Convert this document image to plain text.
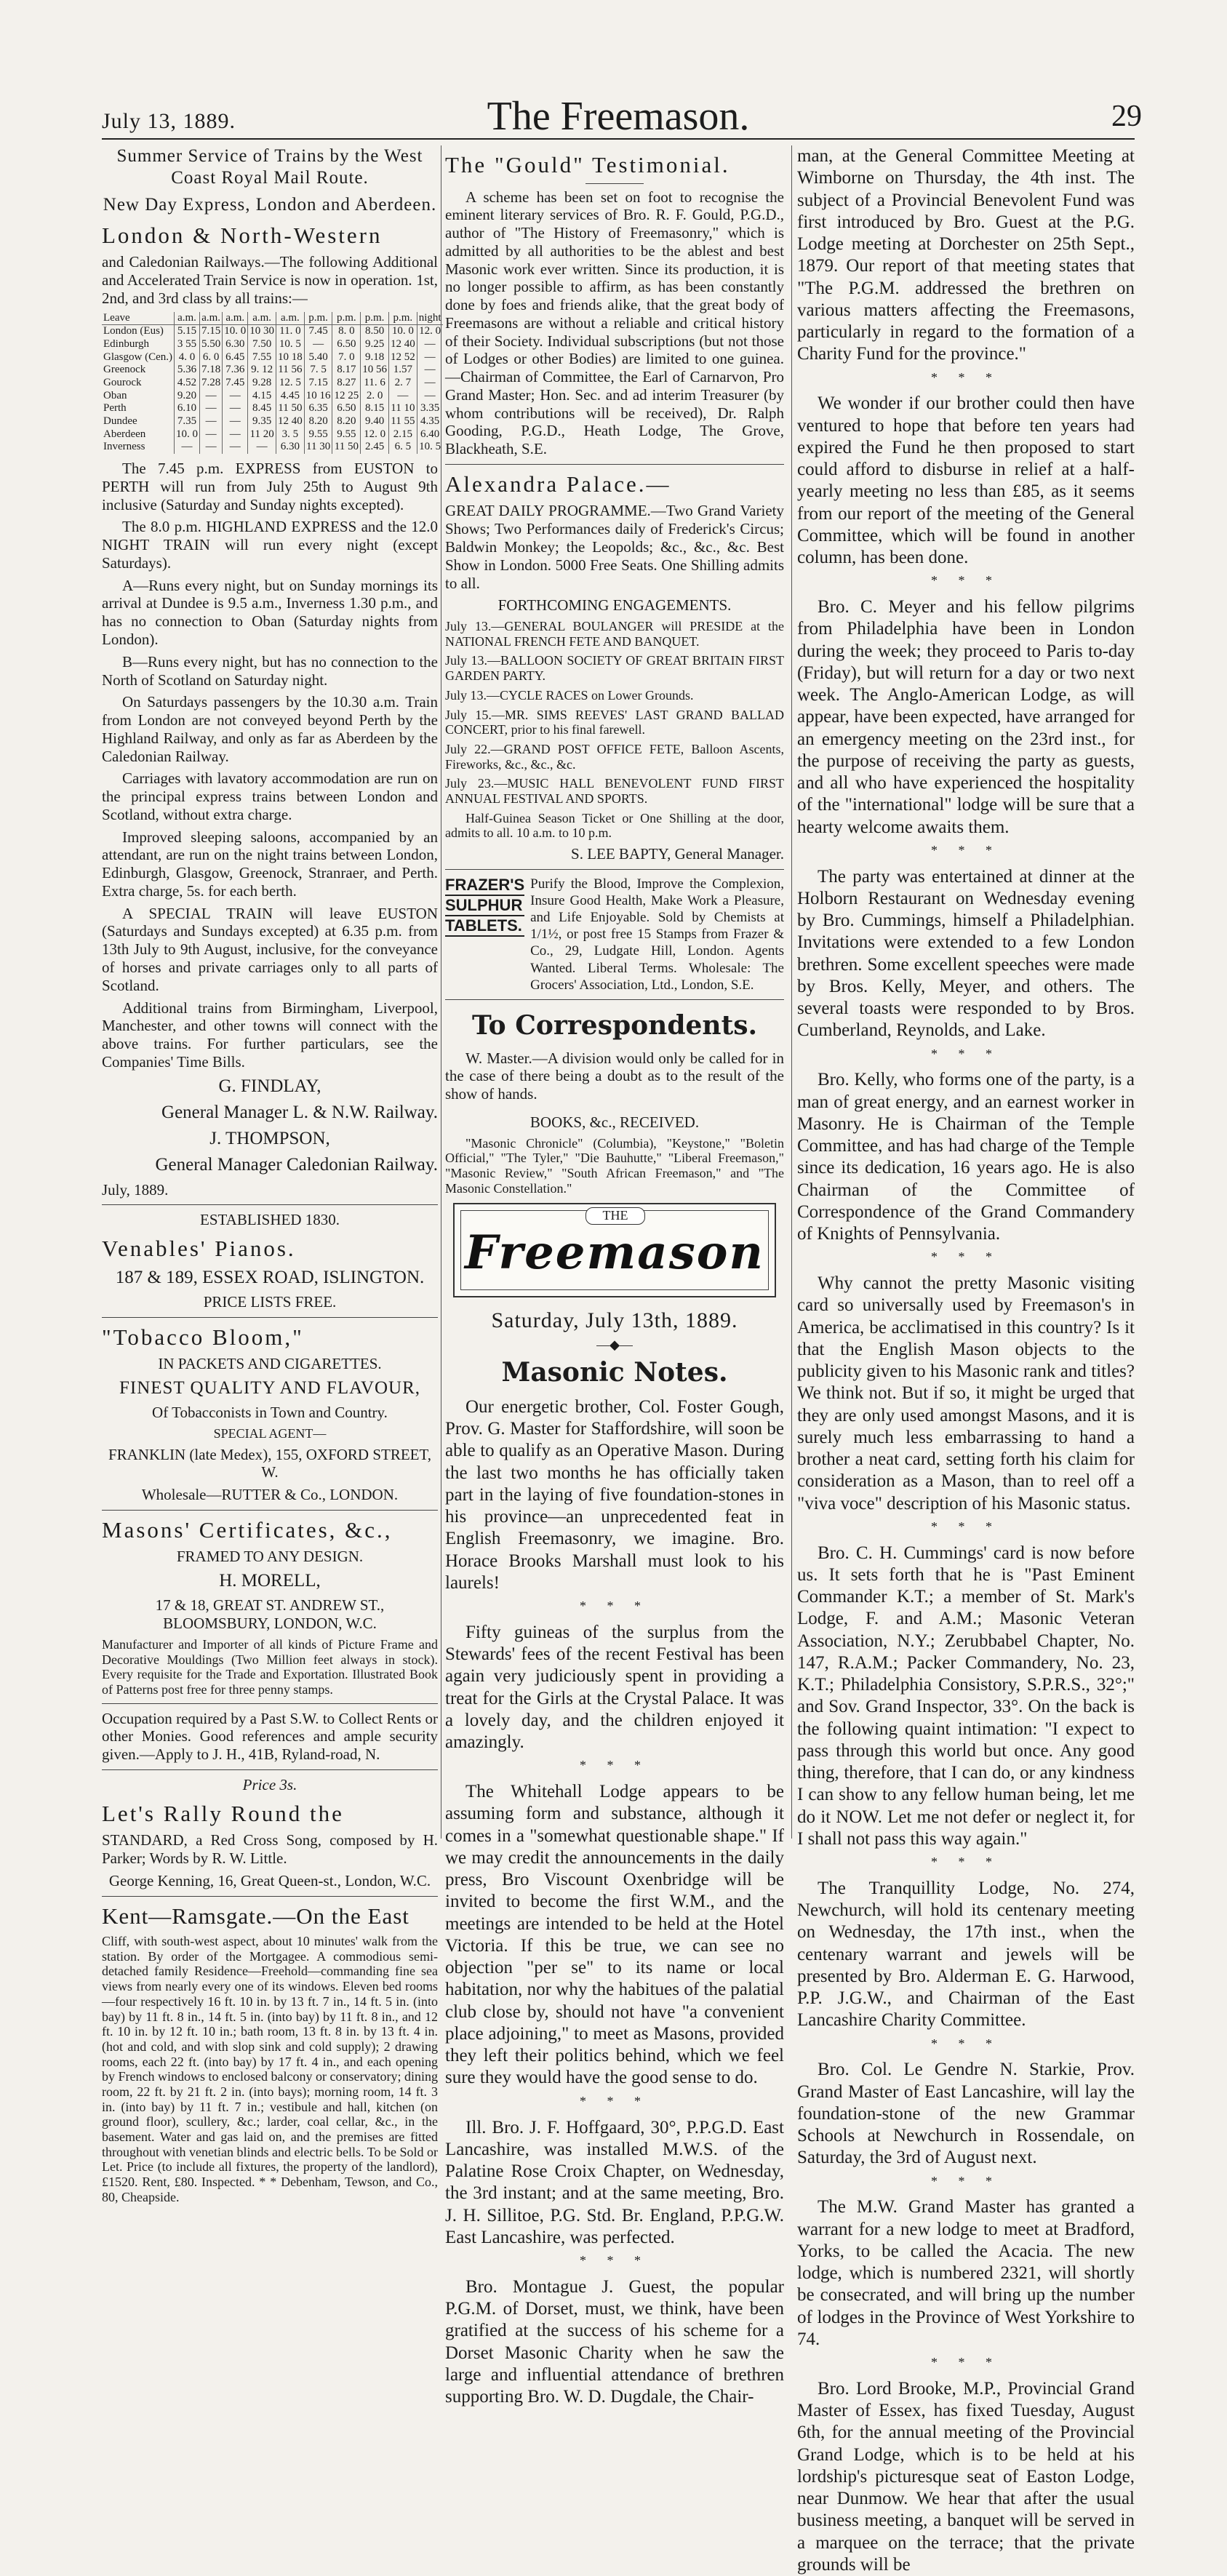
July 13, 1889.	The Freemason.	29

Summer Service of Trains by the West Coast Royal Mail Route.

New Day Express, London and Aberdeen.

London & North-Western

and Caledonian Railways.—The following Additional and Accelerated Train Service is now in operation. 1st, 2nd, and 3rd class by all trains:—

Leave	a.m.	a.m.	a.m.	a.m.	a.m.	p.m.	p.m.	p.m.	p.m.	night
London (Eus)	5.15	7.15	10. 0	10 30	11. 0	7.45	8. 0	8.50	10. 0	12. 0
Edinburgh	3 55	5.50	6.30	7.50	10. 5	—	6.50	9.25	12 40	—
Glasgow (Cen.)	4. 0	6. 0	6.45	7.55	10 18	5.40	7. 0	9.18	12 52	—
Greenock	5.36	7.18	7.36	9. 12	11 56	7. 5	8.17	10 56	1.57	—
Gourock	4.52	7.28	7.45	9.28	12. 5	7.15	8.27	11. 6	2. 7	—
Oban	9.20	—	—	4.15	4.45	10 16	12 25	2. 0	—	—
Perth	6.10	—	—	8.45	11 50	6.35	6.50	8.15	11 10	3.35
Dundee	7.35	—	—	9.35	12 40	8.20	8.20	9.40	11 55	4.35
Aberdeen	10. 0	—	—	11 20	3. 5	9.55	9.55	12. 0	2.15	6.40
Inverness	—	—	—	—	6.30	11 30	11 50	2.45	6. 5	10. 5

The 7.45 p.m. EXPRESS from EUSTON to PERTH will run from July 25th to August 9th inclusive (Saturday and Sunday nights excepted).

The 8.0 p.m. HIGHLAND EXPRESS and the 12.0 NIGHT TRAIN will run every night (except Saturdays).

A—Runs every night, but on Sunday mornings its arrival at Dundee is 9.5 a.m., Inverness 1.30 p.m., and has no connection to Oban (Saturday nights from London).

B—Runs every night, but has no connection to the North of Scotland on Saturday night.

On Saturdays passengers by the 10.30 a.m. Train from London are not conveyed beyond Perth by the Highland Railway, and only as far as Aberdeen by the Caledonian Railway.

Carriages with lavatory accommodation are run on the principal express trains between London and Scotland, without extra charge.

Improved sleeping saloons, accompanied by an attendant, are run on the night trains between London, Edinburgh, Glasgow, Greenock, Stranraer, and Perth. Extra charge, 5s. for each berth.

A SPECIAL TRAIN will leave EUSTON (Saturdays and Sundays excepted) at 6.35 p.m. from 13th July to 9th August, inclusive, for the conveyance of horses and private carriages only to all parts of Scotland.

Additional trains from Birmingham, Liverpool, Manchester, and other towns will connect with the above trains. For further particulars, see the Companies' Time Bills.

G. FINDLAY,

General Manager L. & N.W. Railway.

J. THOMPSON,

General Manager Caledonian Railway.

July, 1889.

ESTABLISHED 1830.

Venables' Pianos.

187 & 189, ESSEX ROAD, ISLINGTON.

PRICE LISTS FREE.

"Tobacco Bloom,"

IN PACKETS AND CIGARETTES.

FINEST QUALITY AND FLAVOUR,

Of Tobacconists in Town and Country.

SPECIAL AGENT—

FRANKLIN (late Medex), 155, OXFORD STREET, W.

Wholesale—RUTTER & Co., LONDON.

Masons' Certificates, &c.,

FRAMED TO ANY DESIGN.

H. MORELL,

17 & 18, GREAT ST. ANDREW ST., BLOOMSBURY, LONDON, W.C.

Manufacturer and Importer of all kinds of Picture Frame and Decorative Mouldings (Two Million feet always in stock). Every requisite for the Trade and Exportation. Illustrated Book of Patterns post free for three penny stamps.

Occupation required by a Past S.W. to Collect Rents or other Monies. Good references and ample security given.—Apply to J. H., 41B, Ryland-road, N.

Price 3s.

Let's Rally Round the

STANDARD, a Red Cross Song, composed by H. Parker; Words by R. W. Little.

George Kenning, 16, Great Queen-st., London, W.C.

Kent—Ramsgate.—On the East

Cliff, with south-west aspect, about 10 minutes' walk from the station. By order of the Mortgagee. A commodious semi-detached family Residence—Freehold—commanding fine sea views from nearly every one of its windows. Eleven bed rooms—four respectively 16 ft. 10 in. by 13 ft. 7 in., 14 ft. 5 in. (into bay) by 11 ft. 8 in., 14 ft. 5 in. (into bay) by 11 ft. 8 in., and 12 ft. 10 in. by 12 ft. 10 in.; bath room, 13 ft. 8 in. by 13 ft. 4 in. (hot and cold, and with slop sink and cold supply); 2 drawing rooms, each 22 ft. (into bay) by 17 ft. 4 in., and each opening by French windows to enclosed balcony or conservatory; dining room, 22 ft. by 21 ft. 2 in. (into bays); morning room, 14 ft. 3 in. (into bay) by 11 ft. 7 in.; vestibule and hall, kitchen (on ground floor), scullery, &c.; larder, coal cellar, &c., in the basement. Water and gas laid on, and the premises are fitted throughout with venetian blinds and electric bells. To be Sold or Let. Price (to include all fixtures, the property of the landlord), £1520. Rent, £80. Inspected. * * Debenham, Tewson, and Co., 80, Cheapside.

The "Gould" Testimonial.

A scheme has been set on foot to recognise the eminent literary services of Bro. R. F. Gould, P.G.D., author of "The History of Freemasonry," which is admitted by all authorities to be the ablest and best Masonic work ever written. Since its production, it is no longer possible to affirm, as has been constantly done by foes and friends alike, that the great body of Freemasons are without a reliable and critical history of their Society. Individual subscriptions (but not those of Lodges or other Bodies) are limited to one guinea.—Chairman of Committee, the Earl of Carnarvon, Pro Grand Master; Hon. Sec. and ad interim Treasurer (by whom contributions will be received), Dr. Ralph Gooding, P.G.D., Heath Lodge, The Grove, Blackheath, S.E.

Alexandra Palace.—

GREAT DAILY PROGRAMME.—Two Grand Variety Shows; Two Performances daily of Frederick's Circus; Baldwin Monkey; the Leopolds; &c., &c., &c. Best Show in London. 5000 Free Seats. One Shilling admits to all.

FORTHCOMING ENGAGEMENTS.

July 13.—GENERAL BOULANGER will PRESIDE at the NATIONAL FRENCH FETE AND BANQUET.

July 13.—BALLOON SOCIETY OF GREAT BRITAIN FIRST GARDEN PARTY.

July 13.—CYCLE RACES on Lower Grounds.

July 15.—MR. SIMS REEVES' LAST GRAND BALLAD CONCERT, prior to his final farewell.

July 22.—GRAND POST OFFICE FETE, Balloon Ascents, Fireworks, &c., &c., &c.

July 23.—MUSIC HALL BENEVOLENT FUND FIRST ANNUAL FESTIVAL AND SPORTS.

Half-Guinea Season Ticket or One Shilling at the door, admits to all. 10 a.m. to 10 p.m.

S. LEE BAPTY, General Manager.

FRAZER'S
SULPHUR
TABLETS.
Purify the Blood, Improve the Complexion, Insure Good Health, Make Work a Pleasure, and Life Enjoyable. Sold by Chemists at 1/1½, or post free 15 Stamps from Frazer & Co., 29, Ludgate Hill, London. Agents Wanted. Liberal Terms. Wholesale: The Grocers' Association, Ltd., London, S.E.

To Correspondents.

W. Master.—A division would only be called for in the case of there being a doubt as to the result of the show of hands.

BOOKS, &c., RECEIVED.

"Masonic Chronicle" (Columbia), "Keystone," "Boletin Official," "The Tyler," "Die Bauhutte," "Liberal Freemason," "Masonic Review," "South African Freemason," and "The Masonic Constellation."

THE
Freemason

Saturday, July 13th, 1889.

—◆—

Masonic Notes.

Our energetic brother, Col. Foster Gough, Prov. G. Master for Staffordshire, will soon be able to qualify as an Operative Mason. During the last two months he has officially taken part in the laying of five foundation-stones in his province—an unprecedented feat in English Freemasonry, we imagine. Bro. Horace Brooks Marshall must look to his laurels!

* * *

Fifty guineas of the surplus from the Stewards' fees of the recent Festival has been again very judiciously spent in providing a treat for the Girls at the Crystal Palace. It was a lovely day, and the children enjoyed it amazingly.

* * *

The Whitehall Lodge appears to be assuming form and substance, although it comes in a "somewhat questionable shape." If we may credit the announcements in the daily press, Bro Viscount Oxenbridge will be invited to become the first W.M., and the meetings are intended to be held at the Hotel Victoria. If this be true, we can see no objection "per se" to its name or local habitation, nor why the habitues of the palatial club close by, should not have "a convenient place adjoining," to meet as Masons, provided they left their politics behind, which we feel sure they would have the good sense to do.

* * *

Ill. Bro. J. F. Hoffgaard, 30°, P.P.G.D. East Lancashire, was installed M.W.S. of the Palatine Rose Croix Chapter, on Wednesday, the 3rd instant; and at the same meeting, Bro. J. H. Sillitoe, P.G. Std. Br. England, P.P.G.W. East Lancashire, was perfected.

* * *

Bro. Montague J. Guest, the popular P.G.M. of Dorset, must, we think, have been gratified at the success of his scheme for a Dorset Masonic Charity when he saw the large and influential attendance of brethren supporting Bro. W. D. Dugdale, the Chair-

man, at the General Committee Meeting at Wimborne on Thursday, the 4th inst. The subject of a Provincial Benevolent Fund was first introduced by Bro. Guest at the P.G. Lodge meeting at Dorchester on 25th Sept., 1879. Our report of that meeting states that "The P.G.M. addressed the brethren on various matters affecting the Freemasons, particularly in regard to the formation of a Charity Fund for the province."

* * *

We wonder if our brother could then have ventured to hope that before ten years had expired the Fund he then proposed to start could afford to disburse in relief at a half-yearly meeting no less than £85, as it seems from our report of the meeting of the General Committee, which will be found in another column, has been done.

* * *

Bro. C. Meyer and his fellow pilgrims from Philadelphia have been in London during the week; they proceed to Paris to-day (Friday), but will return for a day or two next week. The Anglo-American Lodge, as will appear, have been expected, have arranged for an emergency meeting on the 23rd inst., for the purpose of receiving the party as guests, and all who have experienced the hospitality of the "international" lodge will be sure that a hearty welcome awaits them.

* * *

The party was entertained at dinner at the Holborn Restaurant on Wednesday evening by Bro. Cummings, himself a Philadelphian. Invitations were extended to a few London brethren. Some excellent speeches were made by Bros. Kelly, Meyer, and others. The several toasts were responded to by Bros. Cumberland, Reynolds, and Lake.

* * *

Bro. Kelly, who forms one of the party, is a man of great energy, and an earnest worker in Masonry. He is Chairman of the Temple Committee, and has had charge of the Temple since its dedication, 16 years ago. He is also Chairman of the Committee of Correspondence of the Grand Commandery of Knights of Pennsylvania.

* * *

Why cannot the pretty Masonic visiting card so universally used by Freemason's in America, be acclimatised in this country? Is it that the English Mason objects to the publicity given to his Masonic rank and titles? We think not. But if so, it might be urged that they are only used amongst Masons, and it is surely much less embarrassing to hand a brother a neat card, setting forth his claim for consideration as a Mason, than to reel off a "viva voce" description of his Masonic status.

* * *

Bro. C. H. Cummings' card is now before us. It sets forth that he is "Past Eminent Commander K.T.; a member of St. Mark's Lodge, F. and A.M.; Masonic Veteran Association, N.Y.; Zerubbabel Chapter, No. 147, R.A.M.; Packer Commandery, No. 23, K.T.; Philadelphia Consistory, S.P.R.S., 32°;" and Sov. Grand Inspector, 33°. On the back is the following quaint intimation: "I expect to pass through this world but once. Any good thing, therefore, that I can do, or any kindness I can show to any fellow human being, let me do it NOW. Let me not defer or neglect it, for I shall not pass this way again."

* * *

The Tranquillity Lodge, No. 274, Newchurch, will hold its centenary meeting on Wednesday, the 17th inst., when the centenary warrant and jewels will be presented by Bro. Alderman E. G. Harwood, P.P. J.G.W., and Chairman of the East Lancashire Charity Committee.

* * *

Bro. Col. Le Gendre N. Starkie, Prov. Grand Master of East Lancashire, will lay the foundation-stone of the new Grammar Schools at Newchurch in Rossendale, on Saturday, the 3rd of August next.

* * *

The M.W. Grand Master has granted a warrant for a new lodge to meet at Bradford, Yorks, to be called the Acacia. The new lodge, which is numbered 2321, will shortly be consecrated, and will bring up the number of lodges in the Province of West Yorkshire to 74.

* * *

Bro. Lord Brooke, M.P., Provincial Grand Master of Essex, has fixed Tuesday, August 6th, for the annual meeting of the Provincial Grand Lodge, which is to be held at his lordship's picturesque seat of Easton Lodge, near Dunmow. We hear that after the usual business meeting, a banquet will be served in a marquee on the terrace; that the private grounds will be
